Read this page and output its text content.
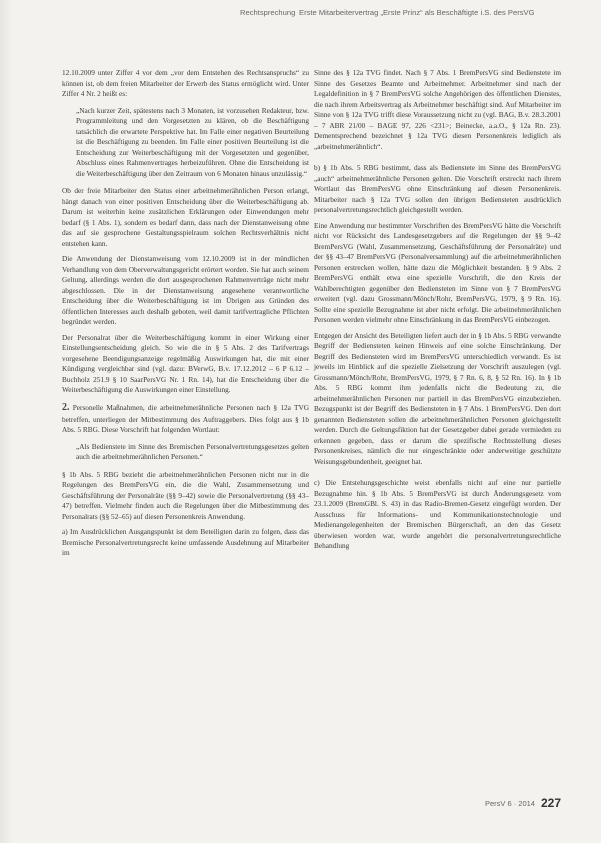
Rechtsprechung Erste Mitarbeitervertrag „Erste Prinz“ als Beschäftigte i.S. des PersVG

12.10.2009 unter Ziffer 4 vor dem „vor dem Entstehen des Rechtsanspruchs“ zu können ist, ob dem freien Mitarbeiter der Erwerb des Status ermöglicht wird. Unter Ziffer 4 Nr. 2 heißt es:

„Nach kurzer Zeit, spätestens nach 3 Monaten, ist vorzusehen Redakteur, bzw. Programmleitung und den Vorgesetzten zu klären, ob die Beschäftigung tatsächlich die erwartete Perspektive hat. Im Falle einer negativen Beurteilung ist die Beschäftigung zu beenden. Im Falle einer positiven Beurteilung ist die Entscheidung zur Weiterbeschäftigung mit der Vorgesetzten und gegenüber, Abschluss eines Rahmenvertrages herbeizuführen. Ohne die Entscheidung ist die Weiterbeschäftigung über den Zeitraum von 6 Monaten hinaus unzulässig.“

Ob der freie Mitarbeiter den Status einer arbeitnehmerähnlichen Person erlangt, hängt danach von einer positiven Entscheidung über die Weiterbeschäftigung ab. Darum ist weiterhin keine zusätzlichen Erklärungen oder Einwendungen mehr bedarf (§ 1 Abs. 1), sondern es bedarf dann, dass nach der Dienstanweisung ohne das auf sie gesprochene Gestaltungsspielraum solchen Rechtsverhältnis nicht entstehen kann.

Die Anwendung der Dienstanweisung vom 12.10.2009 ist in der mündlichen Verhandlung von dem Oberverwaltungsgericht erörtert worden. Sie hat auch seinem Geltung, allerdings werden die dort ausgesprochenen Rahmenverträge nicht mehr abgeschlossen. Die in der Dienstanweisung angesehene verantwortliche Entscheidung über die Weiterbeschäftigung ist im Übrigen aus Gründen des öffentlichen Interesses auch deshalb geboten, weil damit tarifvertragliche Pflichten begründet werden.

Der Personalrat über die Weiterbeschäftigung kommt in einer Wirkung einer Einstellungsentscheidung gleich. So wie die in § 5 Abs. 2 des Tarifvertrags vorgesehene Beendigungsanzeige regelmäßig Auswirkungen hat, die mit einer Kündigung vergleichbar sind (vgl. dazu: BVerwG, B.v. 17.12.2012 – 6 P 6.12 – Buchholz 251.9 § 10 SaarPersVG Nr. 1 Rn. 14), hat die Entscheidung über die Weiterbeschäftigung die Auswirkungen einer Einstellung.

2. Personelle Maßnahmen, die arbeitnehmerähnliche Personen nach § 12a TVG betreffen, unterliegen der Mitbestimmung des Auftraggebers. Dies folgt aus § 1b Abs. 5 RBG. Diese Vorschrift hat folgenden Wortlaut:

„Als Bedienstete im Sinne des Bremischen Personalvertretungsgesetzes gelten auch die arbeitnehmerähnlichen Personen.“

§ 1b Abs. 5 RBG bezieht die arbeitnehmerähnlichen Personen nicht nur in die Regelungen des BremPersVG ein, die die Wahl, Zusammensetzung und Geschäftsführung der Personalräte (§§ 9–42) sowie die Personalvertretung (§§ 43–47) betreffen. Vielmehr finden auch die Regelungen über die Mitbestimmung des Personalrats (§§ 52–65) auf diesen Personenkreis Anwendung.

a) Im Ausdrücklichen Ausgangspunkt ist dem Beteiligten darin zu folgen, dass das Bremische Personalvertretungsrecht keine umfassende Ausdehnung auf Mitarbeiter im

Sinne des § 12a TVG findet. Nach § 7 Abs. 1 BremPersVG sind Bedienstete im Sinne des Gesetzes Beamte und Arbeitnehmer. Arbeitnehmer sind nach der Legaldefinition in § 7 BremPersVG solche Angehörigen des öffentlichen Dienstes, die nach ihrem Arbeitsvertrag als Arbeitnehmer beschäftigt sind. Auf Mitarbeiter im Sinne von § 12a TVG trifft diese Voraussetzung nicht zu (vgl. BAG, B.v. 28.3.2001 – 7 ABR 21/00 – BAGE 97, 226 <231>; Beinecke, a.a.O., § 12a Rn. 23). Dementsprechend bezeichnet § 12a TVG diesen Personenkreis lediglich als „arbeitnehmerähnlich“.

b) § 1b Abs. 5 RBG bestimmt, dass als Bedienstete im Sinne des BremPersVG „auch“ arbeitnehmerähnliche Personen gelten. Die Vorschrift erstreckt nach ihrem Wortlaut das BremPersVG ohne Einschränkung auf diesen Personenkreis. Mitarbeiter nach § 12a TVG sollen den übrigen Bediensteten ausdrücklich personalvertretungsrechtlich gleichgestellt werden.

Eine Anwendung nur bestimmter Vorschriften des BremPersVG hätte die Vorschrift nicht vor Rücksicht des Landesgesetzgebers auf die Regelungen der §§ 9–42 BremPersVG (Wahl, Zusammensetzung, Geschäftsführung der Personalräte) und der §§ 43–47 BremPersVG (Personalversammlung) auf die arbeitnehmerähnlichen Personen erstrecken wollen, hätte dazu die Möglichkeit bestanden. § 9 Abs. 2 BremPersVG enthält etwa eine spezielle Vorschrift, die den Kreis der Wahlberechtigten gegenüber den Bediensteten im Sinne von § 7 BremPersVG erweitert (vgl. dazu Grossmann/Mönch/Rohr, BremPersVG, 1979, § 9 Rn. 16). Sollte eine spezielle Bezugnahme ist aber nicht erfolgt. Die arbeitnehmerähnlichen Personen werden vielmehr ohne Einschränkung in das BremPersVG einbezogen.

Entgegen der Ansicht des Beteiligten liefert auch der in § 1b Abs. 5 RBG verwandte Begriff der Bediensteten keinen Hinweis auf eine solche Einschränkung. Der Begriff des Bediensteten wird im BremPersVG unterschiedlich verwandt. Es ist jeweils im Hinblick auf die spezielle Zielsetzung der Vorschrift auszulegen (vgl. Grossmann/Mönch/Rohr, BremPersVG, 1979, § 7 Rn. 6, 8, § 52 Rn. 16). In § 1b Abs. 5 RBG kommt ihm jedenfalls nicht die Bedeutung zu, die arbeitnehmerähnlichen Personen nur partiell in das BremPersVG einzubeziehen. Bezugspunkt ist der Begriff des Bediensteten in § 7 Abs. 1 BremPersVG. Den dort genannten Bediensteten sollen die arbeitnehmerähnlichen Personen gleichgestellt werden. Durch die Geltungsfiktion hat der Gesetzgeber dabei gerade vermieden zu erkennen gegeben, dass er darum die spezifische Rechtsstellung dieses Personenkreises, nämlich die nur eingeschränkte oder anderweitige geschützte Weisungsgebundenheit, geeignet hat.

c) Die Entstehungsgeschichte weist ebenfalls nicht auf eine nur partielle Bezugnahme hin. § 1b Abs. 5 BremPersVG ist durch Änderungsgesetz vom 23.1.2009 (BremGBl. S. 43) in das Radio-Bremen-Gesetz eingefügt worden. Der Ausschuss für Informations- und Kommunikationstechnologie und Medienangelegenheiten der Bremischen Bürgerschaft, an den das Gesetz überwiesen worden war, wurde angehört die personalvertretungsrechtliche Behandlung

PersV 6 · 2014 227
